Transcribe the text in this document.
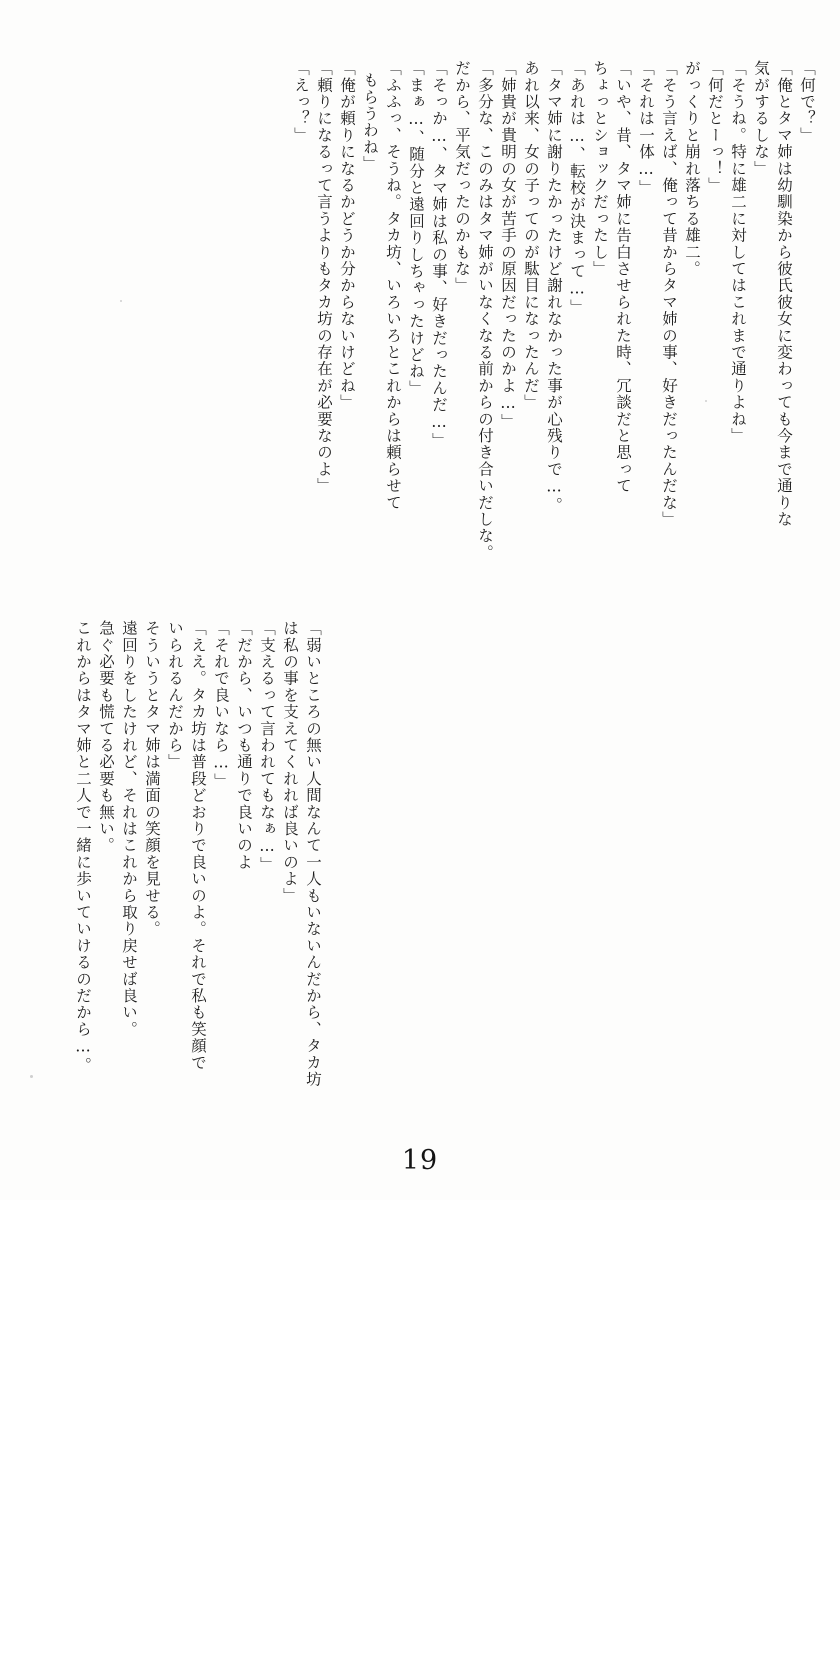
「何で？」
「俺とタマ姉は幼馴染から彼氏彼女に変わっても今まで通りな
気がするしな」
「そうね。特に雄二に対してはこれまで通りよね」
「何だとーっ！」
がっくりと崩れ落ちる雄二。
「そう言えば、俺って昔からタマ姉の事、好きだったんだな」
「それは一体…」
「いや、昔、タマ姉に告白させられた時、冗談だと思って
ちょっとショックだったし」
「あれは…、転校が決まって…」
「タマ姉に謝りたかったけど謝れなかった事が心残りで…。
あれ以来、女の子ってのが駄目になったんだ」
「姉貴が貴明の女が苦手の原因だったのかよ…」
「多分な、このみはタマ姉がいなくなる前からの付き合いだしな。
だから、平気だったのかもな」
「そっか…、タマ姉は私の事、好きだったんだ…」
「まぁ…、随分と遠回りしちゃったけどね」
「ふふっ、そうね。タカ坊、いろいろとこれからは頼らせて
もらうわね」
「俺が頼りになるかどうか分からないけどね」
「頼りになるって言うよりもタカ坊の存在が必要なのよ」
「えっ？」
「弱いところの無い人間なんて一人もいないんだから、タカ坊
は私の事を支えてくれれば良いのよ」
「支えるって言われてもなぁ…」
「だから、いつも通りで良いのよ
「それで良いなら…」
「ええ。タカ坊は普段どおりで良いのよ。それで私も笑顔で
いられるんだから」
そういうとタマ姉は満面の笑顔を見せる。
遠回りをしたけれど、それはこれから取り戻せば良い。
急ぐ必要も慌てる必要も無い。
これからはタマ姉と二人で一緒に歩いていけるのだから…。
19
